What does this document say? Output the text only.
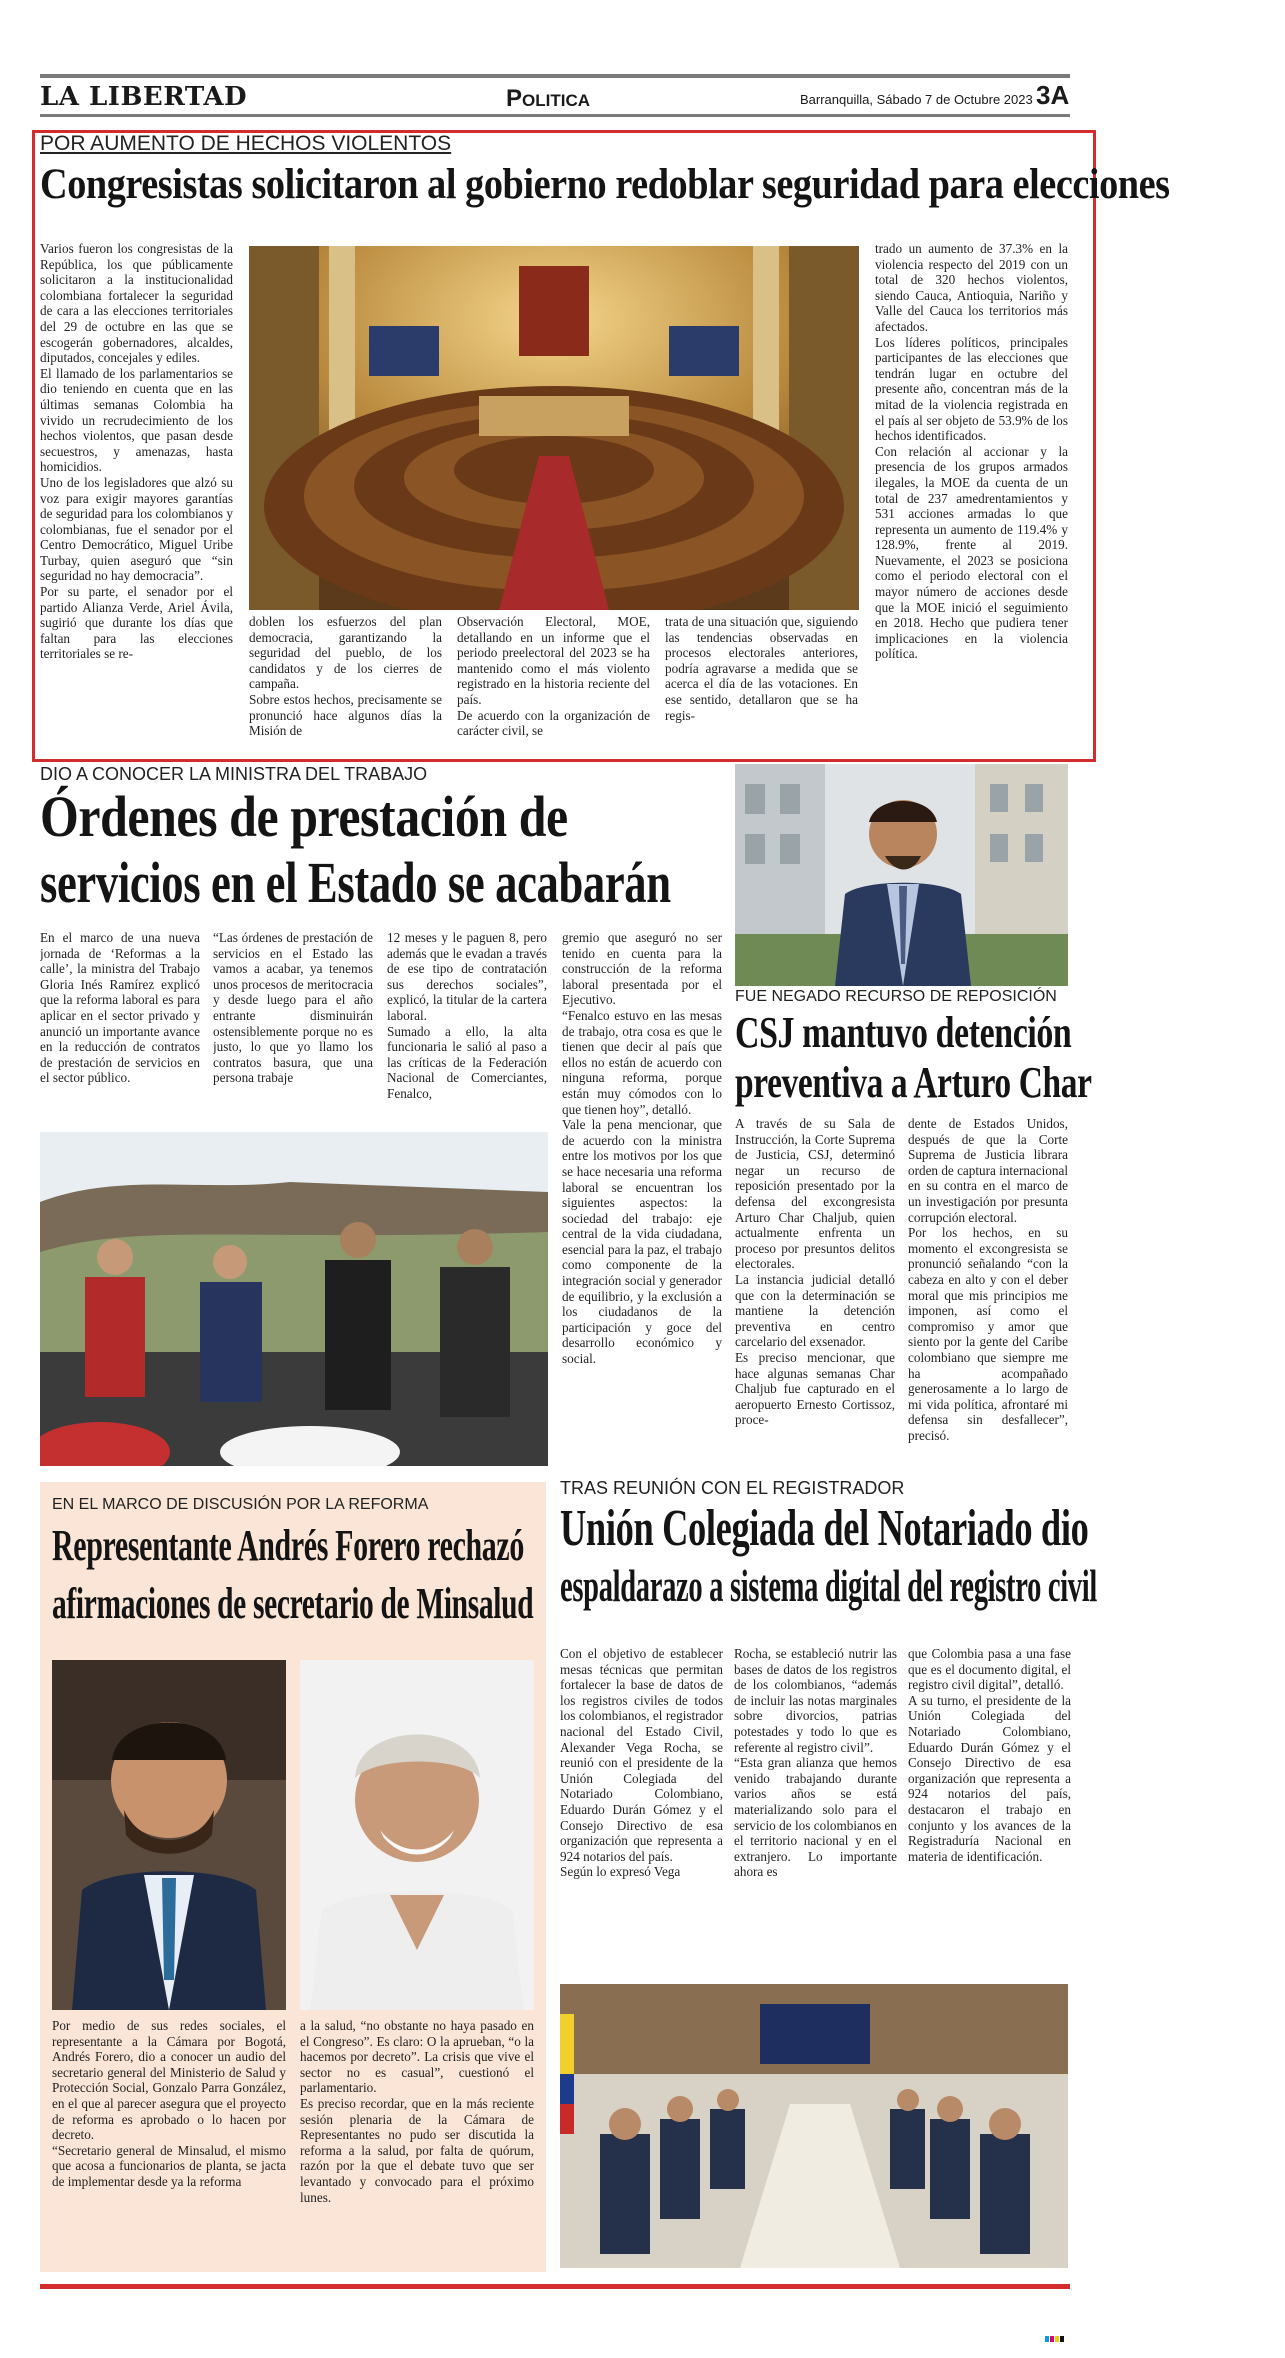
LA LIBERTAD	Politica	Barranquilla, Sábado 7 de Octubre 2023 3A
POR AUMENTO DE HECHOS VIOLENTOS
Congresistas solicitaron al gobierno redoblar seguridad para elecciones

Varios fueron los congresistas de la República, los que públicamente solicitaron a la institucionalidad colombiana fortalecer la seguridad de cara a las elecciones territoriales del 29 de octubre en las que se escogerán gobernadores, alcaldes, diputados, concejales y ediles.
El llamado de los parlamentarios se dio teniendo en cuenta que en las últimas semanas Colombia ha vivido un recrudecimiento de los hechos violentos, que pasan desde secuestros, y amenazas, hasta homicidios.
Uno de los legisladores que alzó su voz para exigir mayores garantías de seguridad para los colombianos y colombianas, fue el senador por el Centro Democrático, Miguel Uribe Turbay, quien aseguró que “sin seguridad no hay democracia”.
Por su parte, el senador por el partido Alianza Verde, Ariel Ávila, sugirió que durante los días que faltan para las elecciones territoriales se re-

doblen los esfuerzos del plan democracia, garantizando la seguridad del pueblo, de los candidatos y de los cierres de campaña.
Sobre estos hechos, precisamente se pronunció hace algunos días la Misión de

Observación Electoral, MOE, detallando en un informe que el periodo preelectoral del 2023 se ha mantenido como el más violento registrado en la historia reciente del país.
De acuerdo con la organización de carácter civil, se

trata de una situación que, siguiendo las tendencias observadas en procesos electorales anteriores, podría agravarse a medida que se acerca el día de las votaciones. En ese sentido, detallaron que se ha regis-

trado un aumento de 37.3% en la violencia respecto del 2019 con un total de 320 hechos violentos, siendo Cauca, Antioquia, Nariño y Valle del Cauca los territorios más afectados.
Los líderes políticos, principales participantes de las elecciones que tendrán lugar en octubre del presente año, concentran más de la mitad de la violencia registrada en el país al ser objeto de 53.9% de los hechos identificados.
Con relación al accionar y la presencia de los grupos armados ilegales, la MOE da cuenta de un total de 237 amedrentamientos y 531 acciones armadas lo que representa un aumento de 119.4% y 128.9%, frente al 2019. Nuevamente, el 2023 se posiciona como el periodo electoral con el mayor número de acciones desde que la MOE inició el seguimiento en 2018. Hecho que pudiera tener implicaciones en la violencia política.

DIO A CONOCER LA MINISTRA DEL TRABAJO
Órdenes de prestación de
servicios en el Estado se acabarán

En el marco de una nueva jornada de ‘Reformas a la calle’, la ministra del Trabajo Gloria Inés Ramírez explicó que la reforma laboral es para aplicar en el sector privado y anunció un importante avance en la reducción de contratos de prestación de servicios en el sector público.

“Las órdenes de prestación de servicios en el Estado las vamos a acabar, ya tenemos unos procesos de meritocracia y desde luego para el año entrante disminuirán ostensiblemente porque no es justo, lo que yo llamo los contratos basura, que una persona trabaje

12 meses y le paguen 8, pero además que le evadan a través de ese tipo de contratación sus derechos sociales”, explicó, la titular de la cartera laboral.
Sumado a ello, la alta funcionaria le salió al paso a las críticas de la Federación Nacional de Comerciantes, Fenalco,

gremio que aseguró no ser tenido en cuenta para la construcción de la reforma laboral presentada por el Ejecutivo.
“Fenalco estuvo en las mesas de trabajo, otra cosa es que le tienen que decir al país que ellos no están de acuerdo con ninguna reforma, porque están muy cómodos con lo que tienen hoy”, detalló.
Vale la pena mencionar, que de acuerdo con la ministra entre los motivos por los que se hace necesaria una reforma laboral se encuentran los siguientes aspectos: la sociedad del trabajo: eje central de la vida ciudadana, esencial para la paz, el trabajo como componente de la integración social y generador de equilibrio, y la exclusión a los ciudadanos de la participación y goce del desarrollo económico y social.

FUE NEGADO RECURSO DE REPOSICIÓN
CSJ mantuvo detención
preventiva a Arturo Char

A través de su Sala de Instrucción, la Corte Suprema de Justicia, CSJ, determinó negar un recurso de reposición presentado por la defensa del excongresista Arturo Char Chaljub, quien actualmente enfrenta un proceso por presuntos delitos electorales.
La instancia judicial detalló que con la determinación se mantiene la detención preventiva en centro carcelario del exsenador.
Es preciso mencionar, que hace algunas semanas Char Chaljub fue capturado en el aeropuerto Ernesto Cortissoz, proce-

dente de Estados Unidos, después de que la Corte Suprema de Justicia librara orden de captura internacional en su contra en el marco de un investigación por presunta corrupción electoral.
Por los hechos, en su momento el excongresista se pronunció señalando “con la cabeza en alto y con el deber moral que mis principios me imponen, así como el compromiso y amor que siento por la gente del Caribe colombiano que siempre me ha acompañado generosamente a lo largo de mi vida política, afrontaré mi defensa sin desfallecer”, precisó.

EN EL MARCO DE DISCUSIÓN POR LA REFORMA
Representante Andrés Forero rechazó
afirmaciones de secretario de Minsalud

Por medio de sus redes sociales, el representante a la Cámara por Bogotá, Andrés Forero, dio a conocer un audio del secretario general del Ministerio de Salud y Protección Social, Gonzalo Parra González, en el que al parecer asegura que el proyecto de reforma es aprobado o lo hacen por decreto.
“Secretario general de Minsalud, el mismo que acosa a funcionarios de planta, se jacta de implementar desde ya la reforma

a la salud, “no obstante no haya pasado en el Congreso”. Es claro: O la aprueban, “o la hacemos por decreto”. La crisis que vive el sector no es casual”, cuestionó el parlamentario.
Es preciso recordar, que en la más reciente sesión plenaria de la Cámara de Representantes no pudo ser discutida la reforma a la salud, por falta de quórum, razón por la que el debate tuvo que ser levantado y convocado para el próximo lunes.

TRAS REUNIÓN CON EL REGISTRADOR
Unión Colegiada del Notariado dio
espaldarazo a sistema digital del registro civil

Con el objetivo de establecer mesas técnicas que permitan fortalecer la base de datos de los registros civiles de todos los colombianos, el registrador nacional del Estado Civil, Alexander Vega Rocha, se reunió con el presidente de la Unión Colegiada del Notariado Colombiano, Eduardo Durán Gómez y el Consejo Directivo de esa organización que representa a 924 notarios del país.
Según lo expresó Vega

Rocha, se estableció nutrir las bases de datos de los registros de los colombianos, “además de incluir las notas marginales sobre divorcios, patrias potestades y todo lo que es referente al registro civil”.
“Esta gran alianza que hemos venido trabajando durante varios años se está materializando solo para el servicio de los colombianos en el territorio nacional y en el extranjero. Lo importante ahora es

que Colombia pasa a una fase que es el documento digital, el registro civil digital”, detalló.
A su turno, el presidente de la Unión Colegiada del Notariado Colombiano, Eduardo Durán Gómez y el Consejo Directivo de esa organización que representa a 924 notarios del país, destacaron el trabajo en conjunto y los avances de la Registraduría Nacional en materia de identificación.
